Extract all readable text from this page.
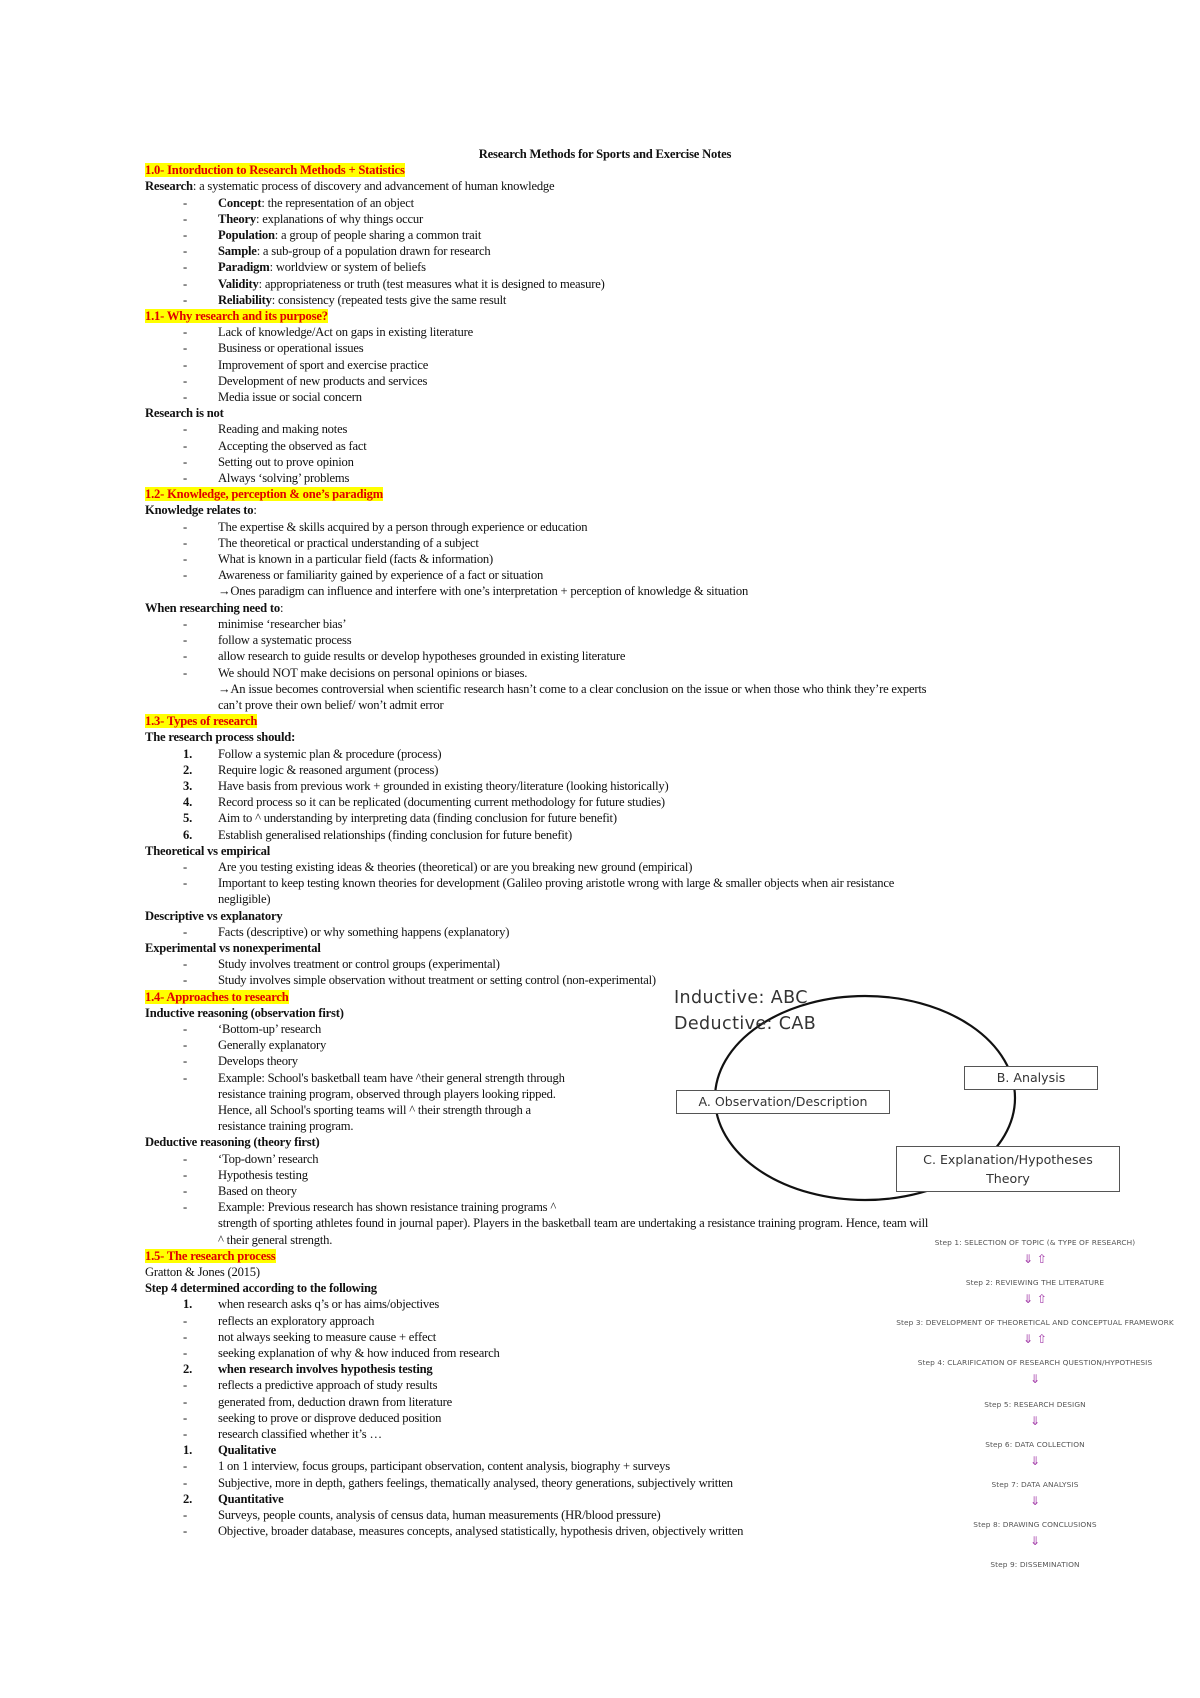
Research Methods for Sports and Exercise Notes
1.0- Intorduction to Research Methods + Statistics
Research: a systematic process of discovery and advancement of human knowledge
- Concept: the representation of an object
- Theory: explanations of why things occur
- Population: a group of people sharing a common trait
- Sample: a sub-group of a population drawn for research
- Paradigm: worldview or system of beliefs
- Validity: appropriateness or truth (test measures what it is designed to measure)
- Reliability: consistency (repeated tests give the same result
1.1- Why research and its purpose?
- Lack of knowledge/Act on gaps in existing literature
- Business or operational issues
- Improvement of sport and exercise practice
- Development of new products and services
- Media issue or social concern
Research is not
- Reading and making notes
- Accepting the observed as fact
- Setting out to prove opinion
- Always ‘solving’ problems
1.2- Knowledge, perception & one’s paradigm
Knowledge relates to:
- The expertise & skills acquired by a person through experience or education
- The theoretical or practical understanding of a subject
- What is known in a particular field (facts & information)
- Awareness or familiarity gained by experience of a fact or situation
→Ones paradigm can influence and interfere with one’s interpretation + perception of knowledge & situation
When researching need to:
- minimise ‘researcher bias’
- follow a systematic process
- allow research to guide results or develop hypotheses grounded in existing literature
- We should NOT make decisions on personal opinions or biases.
→An issue becomes controversial when scientific research hasn’t come to a clear conclusion on the issue or when those who think they’re experts
can’t prove their own belief/ won’t admit error
1.3- Types of research
The research process should:
1. Follow a systemic plan & procedure (process)
2. Require logic & reasoned argument (process)
3. Have basis from previous work + grounded in existing theory/literature (looking historically)
4. Record process so it can be replicated (documenting current methodology for future studies)
5. Aim to ^ understanding by interpreting data (finding conclusion for future benefit)
6. Establish generalised relationships (finding conclusion for future benefit)
Theoretical vs empirical
- Are you testing existing ideas & theories (theoretical) or are you breaking new ground (empirical)
- Important to keep testing known theories for development (Galileo proving aristotle wrong with large & smaller objects when air resistance
negligible)
Descriptive vs explanatory
- Facts (descriptive) or why something happens (explanatory)
Experimental vs nonexperimental
- Study involves treatment or control groups (experimental)
- Study involves simple observation without treatment or setting control (non-experimental)
1.4- Approaches to research
Inductive reasoning (observation first)
- ‘Bottom-up’ research
- Generally explanatory
- Develops theory
- Example: School's basketball team have ^their general strength through
resistance training program, observed through players looking ripped.
Hence, all School's sporting teams will ^ their strength through a
resistance training program.
Deductive reasoning (theory first)
- ‘Top-down’ research
- Hypothesis testing
- Based on theory
- Example: Previous research has shown resistance training programs ^
strength of sporting athletes found in journal paper). Players in the basketball team are undertaking a resistance training program. Hence, team will
^ their general strength.
1.5- The research process
Gratton & Jones (2015)
Step 4 determined according to the following
1. when research asks q’s or has aims/objectives
- reflects an exploratory approach
- not always seeking to measure cause + effect
- seeking explanation of why & how induced from research
2. when research involves hypothesis testing
- reflects a predictive approach of study results
- generated from, deduction drawn from literature
- seeking to prove or disprove deduced position
- research classified whether it’s …
1. Qualitative
- 1 on 1 interview, focus groups, participant observation, content analysis, biography + surveys
- Subjective, more in depth, gathers feelings, thematically analysed, theory generations, subjectively written
2. Quantitative
- Surveys, people counts, analysis of census data, human measurements (HR/blood pressure)
- Objective, broader database, measures concepts, analysed statistically, hypothesis driven, objectively written
Inductive: ABC
Deductive: CAB
A. Observation/Description
B. Analysis
C. Explanation/Hypotheses
Theory
Step 1: SELECTION OF TOPIC (& TYPE OF RESEARCH)
⇓ ⇧
Step 2: REVIEWING THE LITERATURE
⇓ ⇧
Step 3: DEVELOPMENT OF THEORETICAL AND CONCEPTUAL FRAMEWORK
⇓ ⇧
Step 4: CLARIFICATION OF RESEARCH QUESTION/HYPOTHESIS
⇓
Step 5: RESEARCH DESIGN
⇓
Step 6: DATA COLLECTION
⇓
Step 7: DATA ANALYSIS
⇓
Step 8: DRAWING CONCLUSIONS
⇓
Step 9: DISSEMINATION
